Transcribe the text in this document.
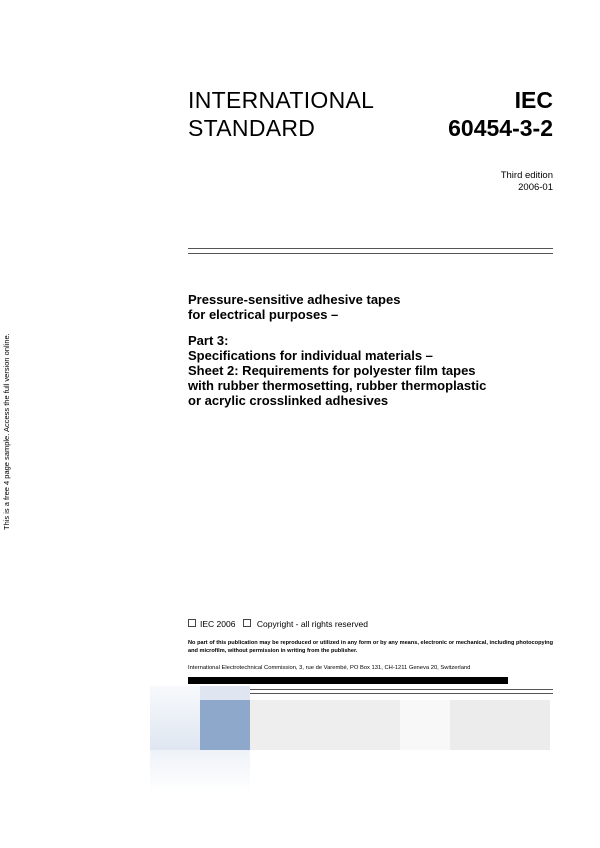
This is a free 4 page sample. Access the full version online.
INTERNATIONAL
STANDARD
IEC
60454-3-2
Third edition
2006-01
Pressure-sensitive adhesive tapes
for electrical purposes –
Part 3:
Specifications for individual materials –
Sheet 2: Requirements for polyester film tapes
with rubber thermosetting, rubber thermoplastic
or acrylic crosslinked adhesives
IEC 2006	Copyright - all rights reserved
No part of this publication may be reproduced or utilized in any form or by any means, electronic or mechanical, including photocopying and microfilm, without permission in writing from the publisher.
International Electrotechnical Commission, 3, rue de Varembé, PO Box 131, CH-1211 Geneva 20, Switzerland
